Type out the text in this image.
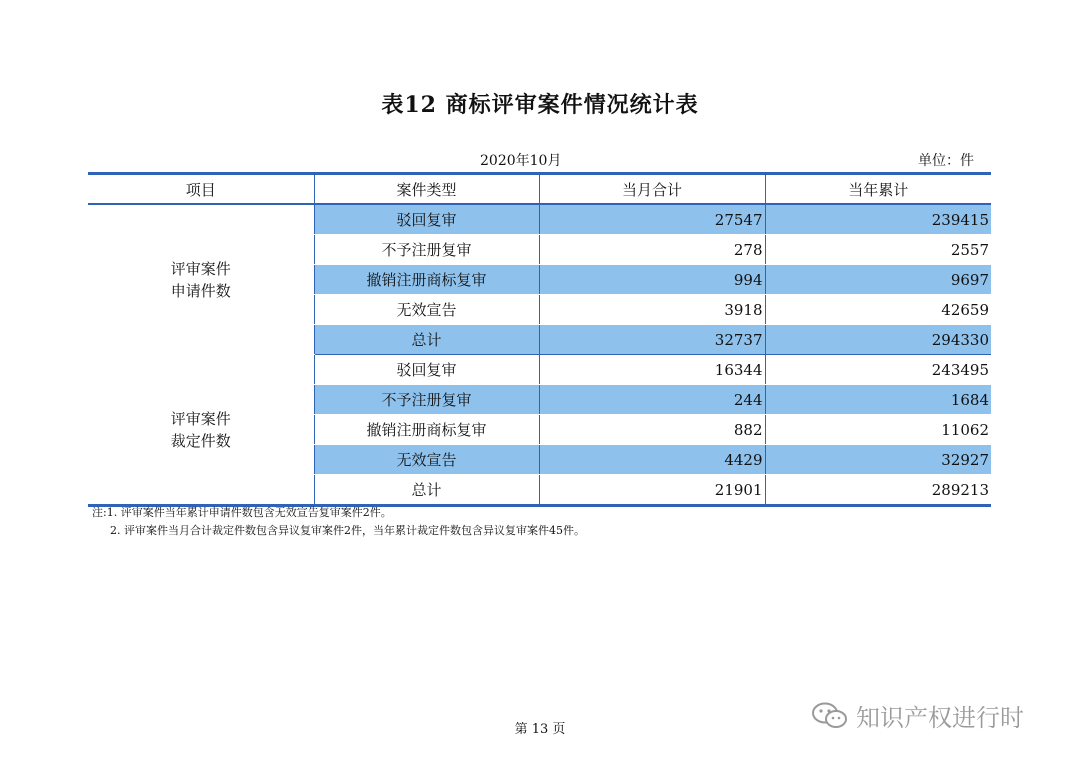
表12 商标评审案件情况统计表
2020年10月	单位：件
项目	案件类型	当月合计	当年累计

评审案件
申请件数	驳回复审	27547	239415
	不予注册复审	278	2557
	撤销注册商标复审	994	9697
	无效宣告	3918	42659
	总计	32737	294330

评审案件
裁定件数	驳回复审	16344	243495
	不予注册复审	244	1684
	撤销注册商标复审	882	11062
	无效宣告	4429	32927
	总计	21901	289213
注:1. 评审案件当年累计申请件数包含无效宣告复审案件2件。
2. 评审案件当月合计裁定件数包含异议复审案件2件，当年累计裁定件数包含异议复审案件45件。
第 13 页	知识产权进行时
